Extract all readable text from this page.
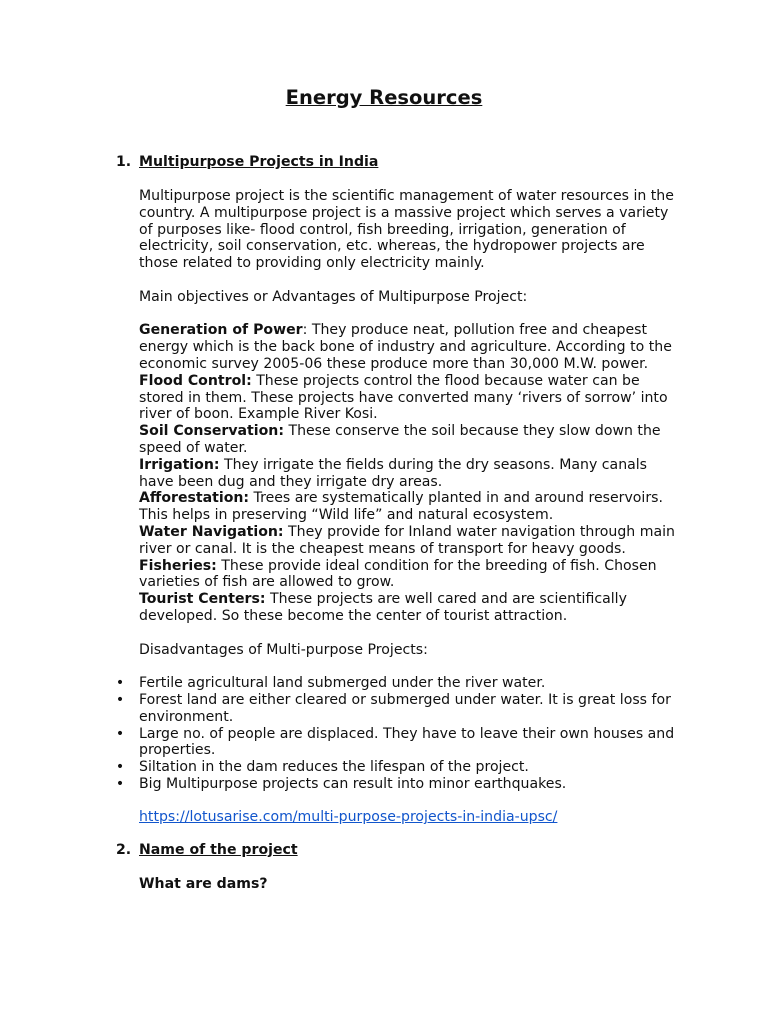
Energy Resources
1. Multipurpose Projects in India

Multipurpose project is the scientific management of water resources in the country. A multipurpose project is a massive project which serves a variety of purposes like- flood control, fish breeding, irrigation, generation of electricity, soil conservation, etc. whereas, the hydropower projects are those related to providing only electricity mainly.

Main objectives or Advantages of Multipurpose Project:

Generation of Power: They produce neat, pollution free and cheapest energy which is the back bone of industry and agriculture. According to the economic survey 2005-06 these produce more than 30,000 M.W. power.

Flood Control: These projects control the flood because water can be stored in them. These projects have converted many ‘rivers of sorrow’ into river of boon. Example River Kosi.

Soil Conservation: These conserve the soil because they slow down the speed of water.

Irrigation: They irrigate the fields during the dry seasons. Many canals have been dug and they irrigate dry areas.

Afforestation: Trees are systematically planted in and around reservoirs. This helps in preserving “Wild life” and natural ecosystem.

Water Navigation: They provide for Inland water navigation through main river or canal. It is the cheapest means of transport for heavy goods.

Fisheries: These provide ideal condition for the breeding of fish. Chosen varieties of fish are allowed to grow.

Tourist Centers: These projects are well cared and are scientifically developed. So these become the center of tourist attraction.

Disadvantages of Multi-purpose Projects:

• Fertile agricultural land submerged under the river water.
• Forest land are either cleared or submerged under water. It is great loss for environment.
• Large no. of people are displaced. They have to leave their own houses and properties.
• Siltation in the dam reduces the lifespan of the project.
• Big Multipurpose projects can result into minor earthquakes.

https://lotusarise.com/multi-purpose-projects-in-india-upsc/

2. Name of the project

What are dams?
